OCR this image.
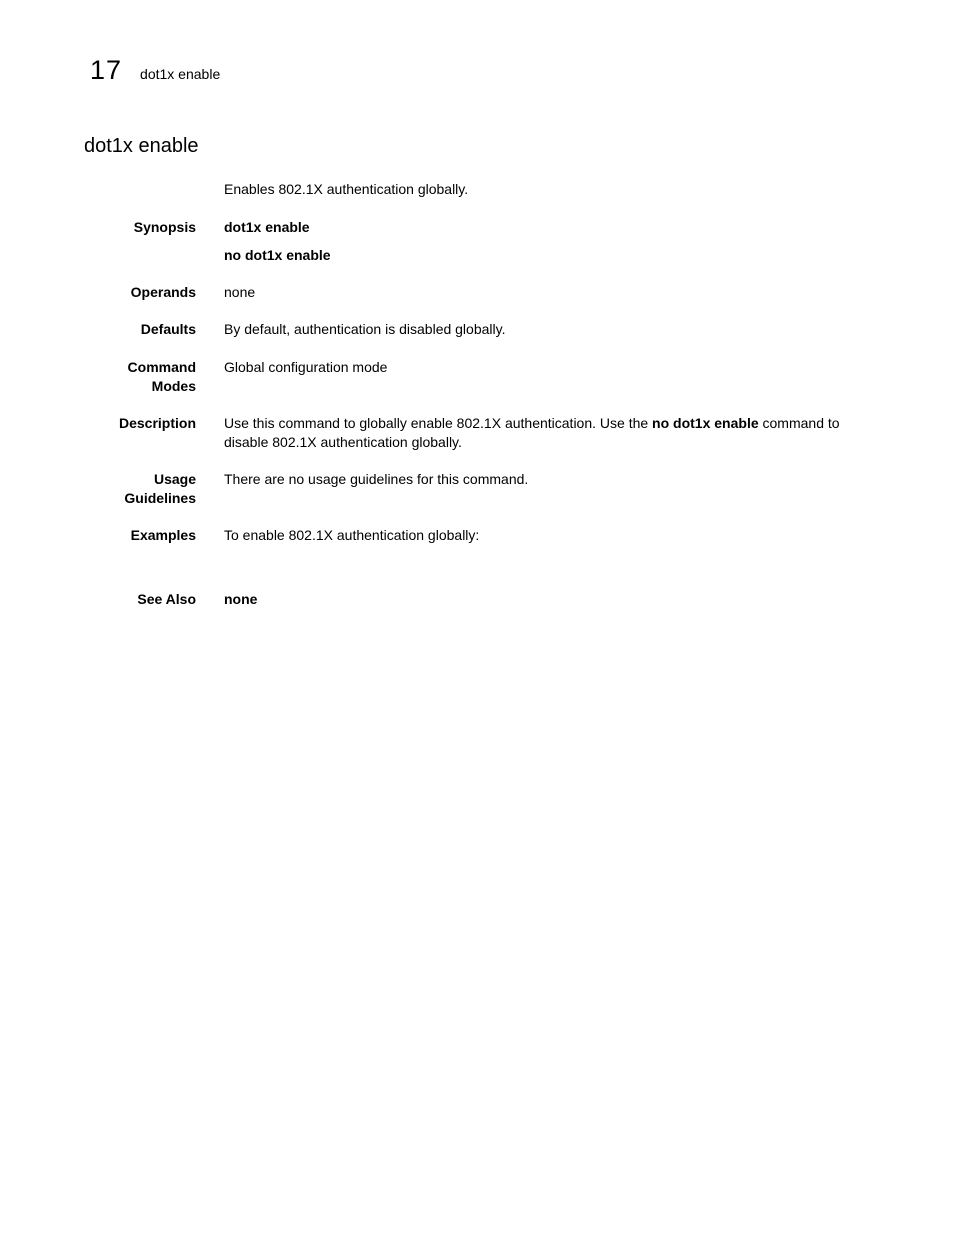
17 dot1x enable
dot1x enable
Enables 802.1X authentication globally.
Synopsis dot1x enable

no dot1x enable

Operands none
Defaults By default, authentication is disabled globally.
Command
Modes
Global configuration mode
Description Use this command to globally enable 802.1X authentication. Use the no dot1x enable command to disable 802.1X authentication globally.
Usage
Guidelines
There are no usage guidelines for this command.
Examples To enable 802.1X authentication globally:
See Also none
